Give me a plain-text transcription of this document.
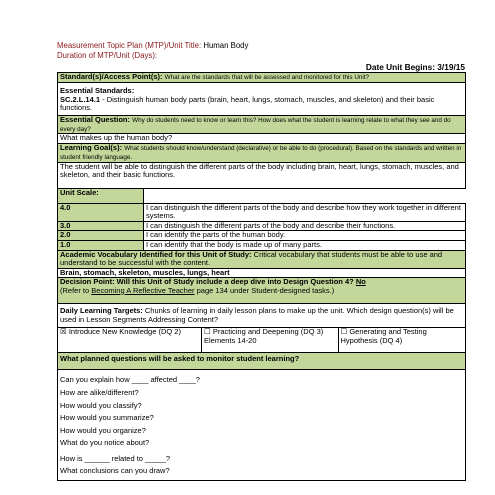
Measurement Topic Plan (MTP)/Unit Title: Human Body
Duration of MTP/Unit (Days):
Date Unit Begins: 3/19/15
Standard(s)/Access Point(s): What are the standards that will be assessed and monitored for this Unit?

Essential Standards:
SC.2.L.14.1 - Distinguish human body parts (brain, heart, lungs, stomach, muscles, and skeleton) and their basic functions.

Essential Question: Why do students need to know or learn this? How does what the student is learning relate to what they see and do every day?
What makes up the human body?
Learning Goal(s): What students should know/understand (declarative) or be able to do (procedural). Based on the standards and written in student friendly language.
The student will be able to distinguish the different parts of the body including brain, heart, lungs, stomach, muscles, and skeleton, and their basic functions.
Unit Scale:	
4.0	I can distinguish the different parts of the body and describe how they work together in different systems.
3.0	I can distinguish the different parts of the body and describe their functions.
2.0	I can identify the parts of the human body.
1.0	I can identify that the body is made up of many parts.
Academic Vocabulary Identified for this Unit of Study: Critical vocabulary that students must be able to use and understand to be successful with the content.
Brain, stomach, skeleton, muscles, lungs, heart

Decision Point: Will this Unit of Study include a deep dive into Design Question 4? No
(Refer to Becoming A Reflective Teacher page 134 under Student-designed tasks.)

Daily Learning Targets: Chunks of learning in daily lesson plans to make up the unit. Which design question(s) will be used in Lesson Segments Addressing Content?
☒ Introduce New Knowledge (DQ 2)		☐ Practicing and Deepening (DQ 3) Elements 14-20	☐ Generating and Testing Hypothesis (DQ 4)

What planned questions will be asked to monitor student learning?

Can you explain how ____ affected ____?
How are alike/different?
How would you classify?
How would you summarize?
How would you organize?
What do you notice about?
How is ______ related to _____?
What conclusions can you draw?
